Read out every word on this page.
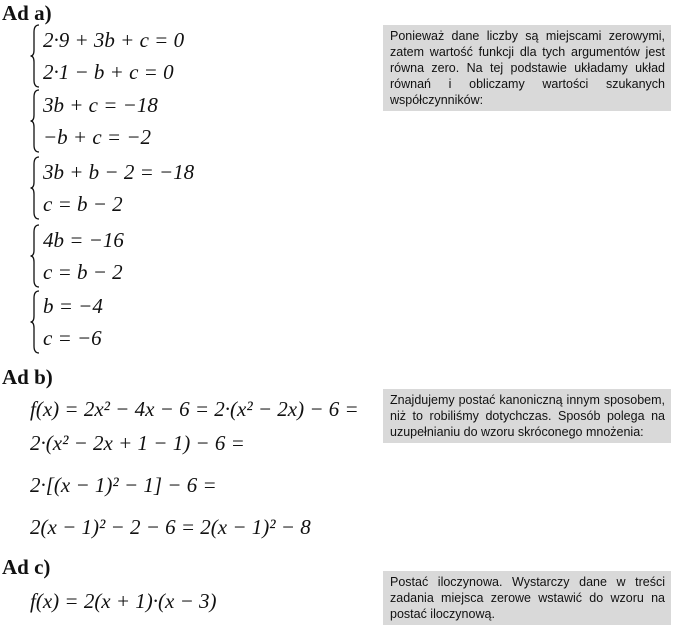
Ad a)
Ponieważ dane liczby są miejscami zerowymi, zatem wartość funkcji dla tych argumentów jest równa zero. Na tej podstawie układamy układ równań i obliczamy wartości szukanych współczynników:
2·9 + 3b + c = 0
2·1 − b + c = 0
3b + c = −18
−b + c = −2
3b + b − 2 = −18
c = b − 2
4b = −16
c = b − 2
b = −4
c = −6
Ad b)
Znajdujemy postać kanoniczną innym sposobem, niż to robiliśmy dotychczas. Sposób polega na uzupełnianiu do wzoru skróconego mnożenia:
f(x) = 2x² − 4x − 6 = 2·(x² − 2x) − 6 =
2·(x² − 2x + 1 − 1) − 6 =
2·[(x − 1)² − 1] − 6 =
2(x − 1)² − 2 − 6 = 2(x − 1)² − 8
Ad c)
Postać iloczynowa. Wystarczy dane w treści zadania miejsca zerowe wstawić do wzoru na postać iloczynową.
f(x) = 2(x + 1)·(x − 3)
